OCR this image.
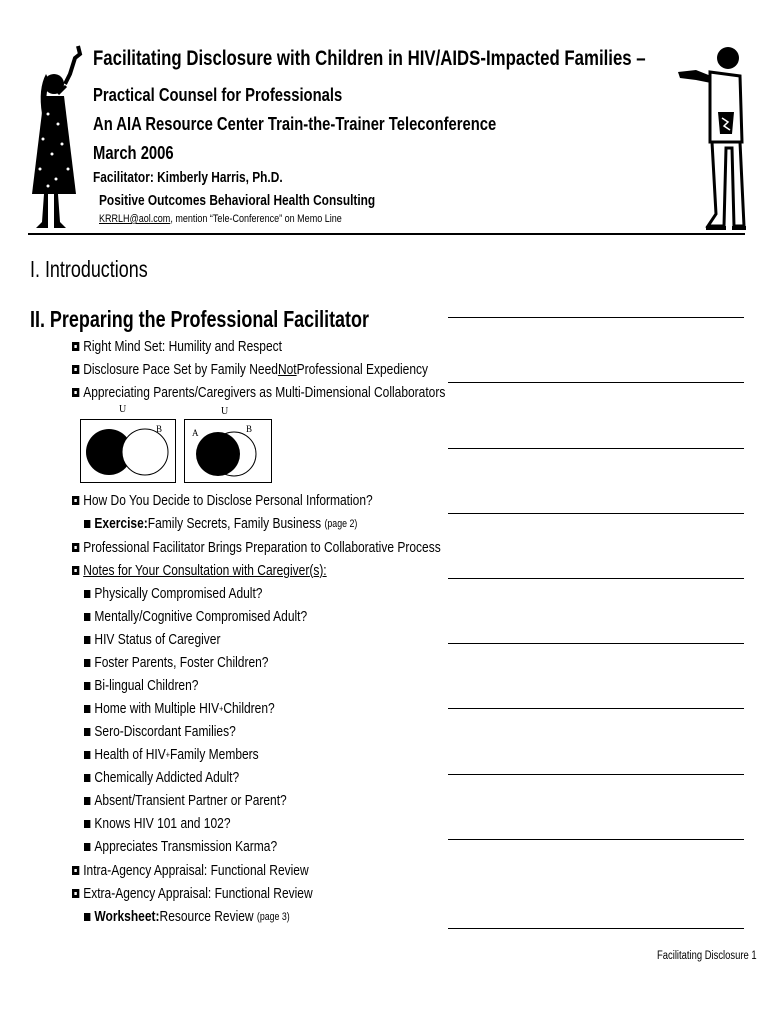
Facilitating Disclosure with Children in HIV/AIDS-Impacted Families –
Practical Counsel for Professionals
An AIA Resource Center Train-the-Trainer Teleconference
March 2006
Facilitator: Kimberly Harris, Ph.D.
Positive Outcomes Behavioral Health Consulting
KRRLH@aol.com, mention “Tele-Conference” on Memo Line
I. Introductions
II. Preparing the Professional Facilitator
Right Mind Set: Humility and Respect
Disclosure Pace Set by Family Need Not Professional Expediency
Appreciating Parents/Caregivers as Multi-Dimensional Collaborators
U
A	B
U
A	B
How Do You Decide to Disclose Personal Information?
Exercise: Family Secrets, Family Business
(page 2)
Professional Facilitator Brings Preparation to Collaborative Process
Notes for Your Consultation with Caregiver(s):
Physically Compromised Adult?
Mentally/Cognitive Compromised Adult?
HIV Status of Caregiver
Foster Parents, Foster Children?
Bi-lingual Children?
Home with Multiple HIV + Children?
Sero-Discordant Families?
Health of HIV + Family Members
Chemically Addicted Adult?
Absent/Transient Partner or Parent?
Knows HIV 101 and 102?
Appreciates Transmission Karma?
Intra-Agency Appraisal: Functional Review
Extra-Agency Appraisal: Functional Review
Worksheet: Resource Review
(page 3)
Facilitating Disclosure 1
